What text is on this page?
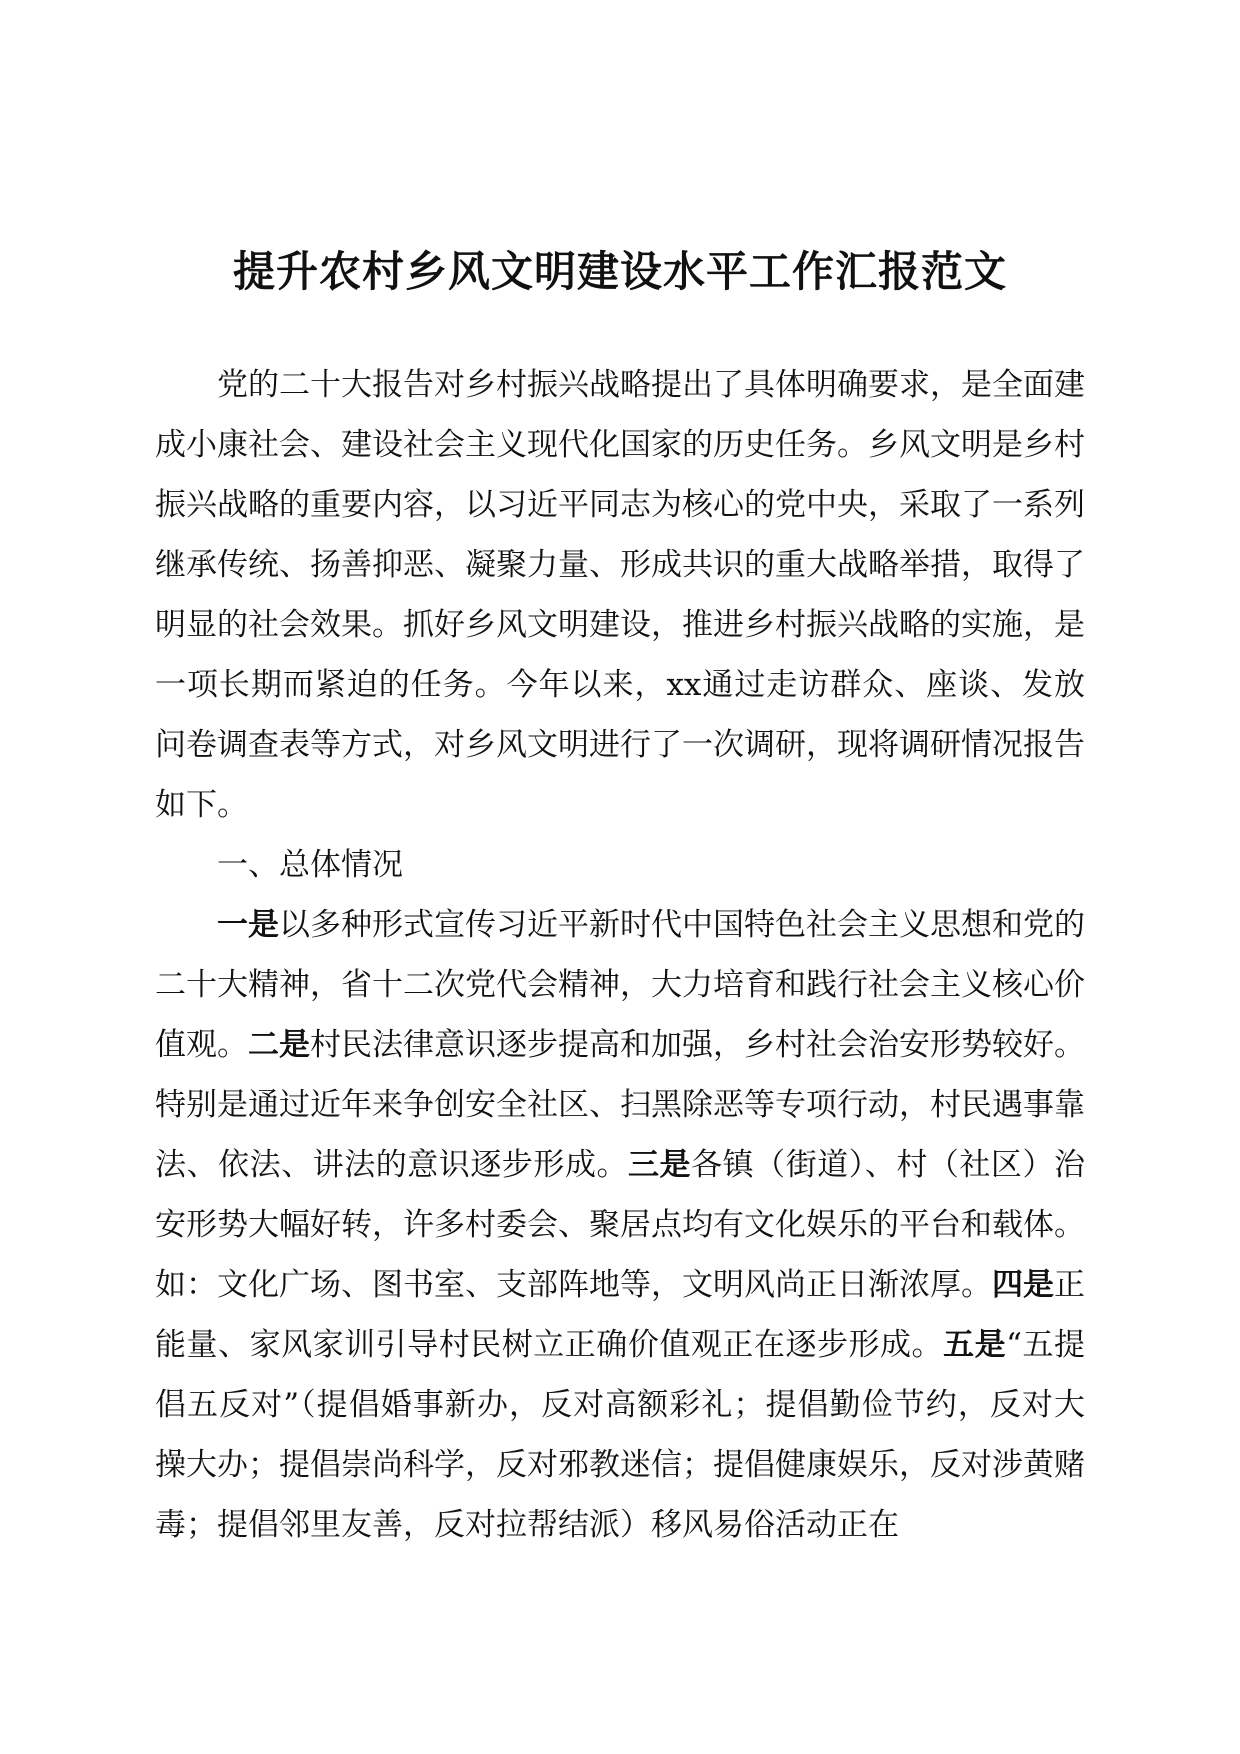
提升农村乡风文明建设水平工作汇报范文

党的二十大报告对乡村振兴战略提出了具体明确要求，是全面建成小康社会、建设社会主义现代化国家的历史任务。乡风文明是乡村振兴战略的重要内容，以习近平同志为核心的党中央，采取了一系列继承传统、扬善抑恶、凝聚力量、形成共识的重大战略举措，取得了明显的社会效果。抓好乡风文明建设，推进乡村振兴战略的实施，是一项长期而紧迫的任务。今年以来，xx通过走访群众、座谈、发放问卷调查表等方式，对乡风文明进行了一次调研，现将调研情况报告如下。

一、总体情况

一是以多种形式宣传习近平新时代中国特色社会主义思想和党的二十大精神，省十二次党代会精神，大力培育和践行社会主义核心价值观。二是村民法律意识逐步提高和加强，乡村社会治安形势较好。特别是通过近年来争创安全社区、扫黑除恶等专项行动，村民遇事靠法、依法、讲法的意识逐步形成。三是各镇（街道）、村（社区）治安形势大幅好转，许多村委会、聚居点均有文化娱乐的平台和载体。如：文化广场、图书室、支部阵地等，文明风尚正日渐浓厚。四是正能量、家风家训引导村民树立正确价值观正在逐步形成。五是“五提倡五反对”（提倡婚事新办，反对高额彩礼；提倡勤俭节约，反对大操大办；提倡崇尚科学，反对邪教迷信；提倡健康娱乐，反对涉黄赌毒；提倡邻里友善，反对拉帮结派）移风易俗活动正在
